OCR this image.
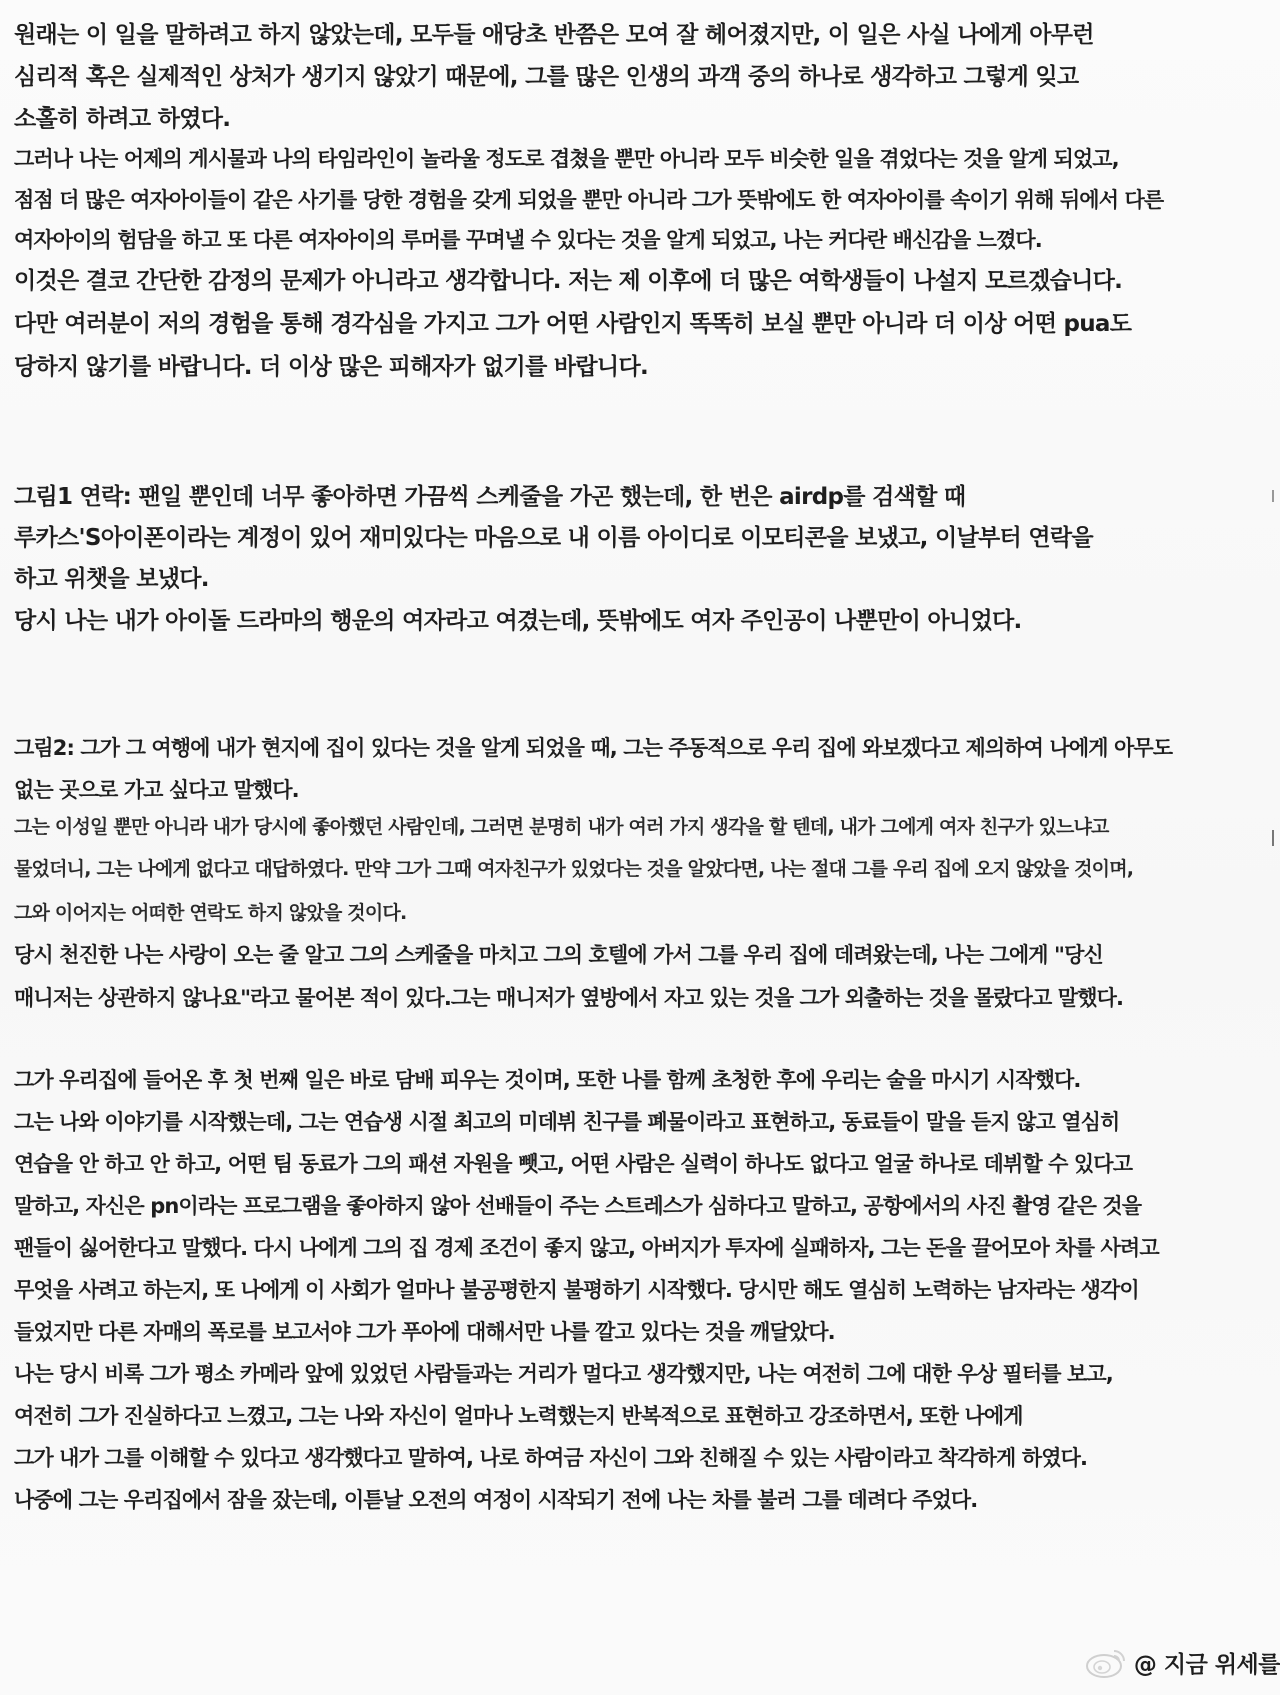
원래는 이 일을 말하려고 하지 않았는데, 모두들 애당초 반쯤은 모여 잘 헤어졌지만, 이 일은 사실 나에게 아무런
심리적 혹은 실제적인 상처가 생기지 않았기 때문에, 그를 많은 인생의 과객 중의 하나로 생각하고 그렇게 잊고
소홀히 하려고 하였다.
그러나 나는 어제의 게시물과 나의 타임라인이 놀라울 정도로 겹쳤을 뿐만 아니라 모두 비슷한 일을 겪었다는 것을 알게 되었고,
점점 더 많은 여자아이들이 같은 사기를 당한 경험을 갖게 되었을 뿐만 아니라 그가 뜻밖에도 한 여자아이를 속이기 위해 뒤에서 다른
여자아이의 험담을 하고 또 다른 여자아이의 루머를 꾸며낼 수 있다는 것을 알게 되었고, 나는 커다란 배신감을 느꼈다.
이것은 결코 간단한 감정의 문제가 아니라고 생각합니다. 저는 제 이후에 더 많은 여학생들이 나설지 모르겠습니다.
다만 여러분이 저의 경험을 통해 경각심을 가지고 그가 어떤 사람인지 똑똑히 보실 뿐만 아니라 더 이상 어떤 pua도
당하지 않기를 바랍니다. 더 이상 많은 피해자가 없기를 바랍니다.
그림1 연락: 팬일 뿐인데 너무 좋아하면 가끔씩 스케줄을 가곤 했는데, 한 번은 airdp를 검색할 때
루카스'S아이폰이라는 계정이 있어 재미있다는 마음으로 내 이름 아이디로 이모티콘을 보냈고, 이날부터 연락을
하고 위챗을 보냈다.
당시 나는 내가 아이돌 드라마의 행운의 여자라고 여겼는데, 뜻밖에도 여자 주인공이 나뿐만이 아니었다.
그림2: 그가 그 여행에 내가 현지에 집이 있다는 것을 알게 되었을 때, 그는 주동적으로 우리 집에 와보겠다고 제의하여 나에게 아무도
없는 곳으로 가고 싶다고 말했다.
그는 이성일 뿐만 아니라 내가 당시에 좋아했던 사람인데, 그러면 분명히 내가 여러 가지 생각을 할 텐데, 내가 그에게 여자 친구가 있느냐고
물었더니, 그는 나에게 없다고 대답하였다. 만약 그가 그때 여자친구가 있었다는 것을 알았다면, 나는 절대 그를 우리 집에 오지 않았을 것이며,
그와 이어지는 어떠한 연락도 하지 않았을 것이다.
당시 천진한 나는 사랑이 오는 줄 알고 그의 스케줄을 마치고 그의 호텔에 가서 그를 우리 집에 데려왔는데, 나는 그에게 "당신
매니저는 상관하지 않나요"라고 물어본 적이 있다.그는 매니저가 옆방에서 자고 있는 것을 그가 외출하는 것을 몰랐다고 말했다.
그가 우리집에 들어온 후 첫 번째 일은 바로 담배 피우는 것이며, 또한 나를 함께 초청한 후에 우리는 술을 마시기 시작했다.
그는 나와 이야기를 시작했는데, 그는 연습생 시절 최고의 미데뷔 친구를 폐물이라고 표현하고, 동료들이 말을 듣지 않고 열심히
연습을 안 하고 안 하고, 어떤 팀 동료가 그의 패션 자원을 뺏고, 어떤 사람은 실력이 하나도 없다고 얼굴 하나로 데뷔할 수 있다고
말하고, 자신은 pn이라는 프로그램을 좋아하지 않아 선배들이 주는 스트레스가 심하다고 말하고, 공항에서의 사진 촬영 같은 것을
팬들이 싫어한다고 말했다. 다시 나에게 그의 집 경제 조건이 좋지 않고, 아버지가 투자에 실패하자, 그는 돈을 끌어모아 차를 사려고
무엇을 사려고 하는지, 또 나에게 이 사회가 얼마나 불공평한지 불평하기 시작했다. 당시만 해도 열심히 노력하는 남자라는 생각이
들었지만 다른 자매의 폭로를 보고서야 그가 푸아에 대해서만 나를 깔고 있다는 것을 깨달았다.
나는 당시 비록 그가 평소 카메라 앞에 있었던 사람들과는 거리가 멀다고 생각했지만, 나는 여전히 그에 대한 우상 필터를 보고,
여전히 그가 진실하다고 느꼈고, 그는 나와 자신이 얼마나 노력했는지 반복적으로 표현하고 강조하면서, 또한 나에게
그가 내가 그를 이해할 수 있다고 생각했다고 말하여, 나로 하여금 자신이 그와 친해질 수 있는 사람이라고 착각하게 하였다.
나중에 그는 우리집에서 잠을 잤는데, 이튿날 오전의 여정이 시작되기 전에 나는 차를 불러 그를 데려다 주었다.
@ 지금 위세를
